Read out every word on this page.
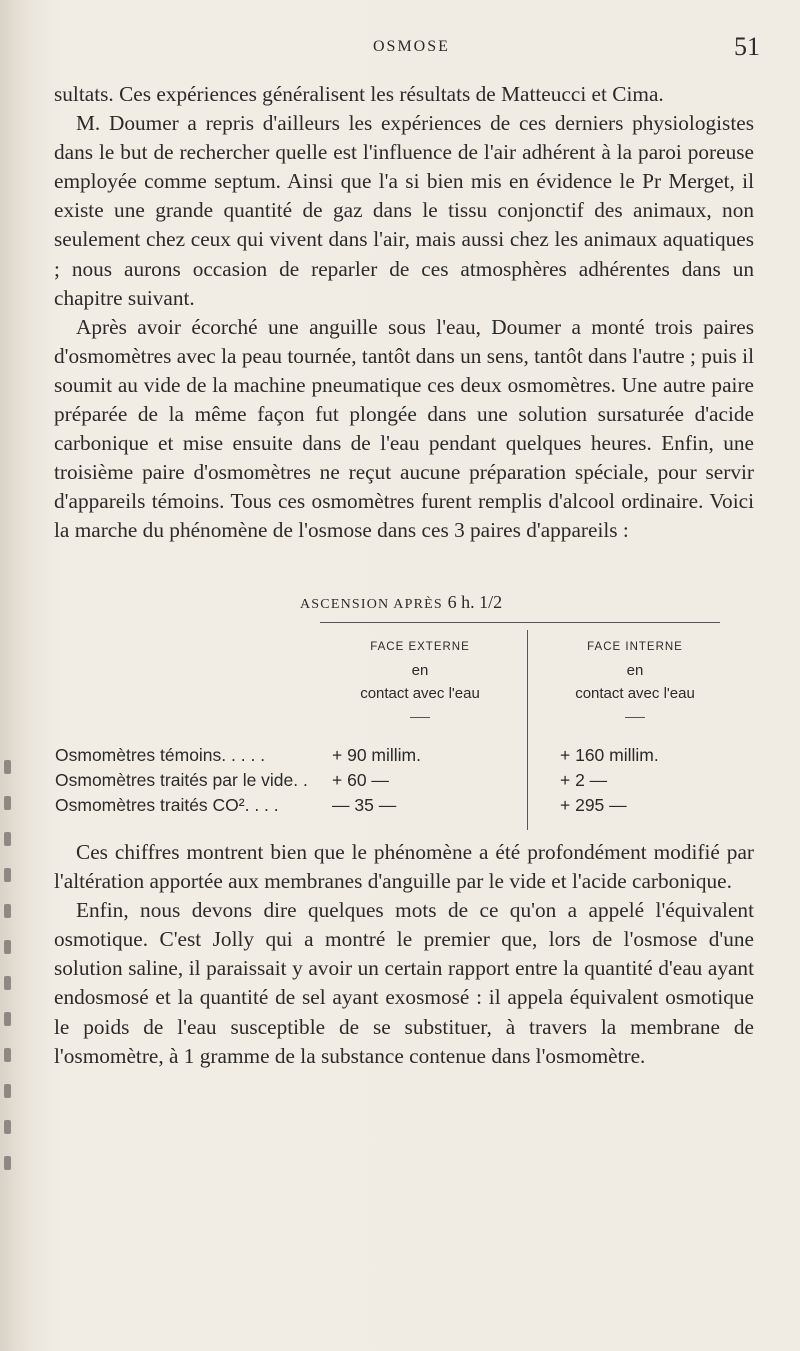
OSMOSE	51

sultats. Ces expériences généralisent les résultats de Matteucci et Cima.

M. Doumer a repris d'ailleurs les expériences de ces derniers physiologistes dans le but de rechercher quelle est l'influence de l'air adhérent à la paroi poreuse employée comme septum. Ainsi que l'a si bien mis en évidence le Pr Merget, il existe une grande quantité de gaz dans le tissu conjonctif des animaux, non seulement chez ceux qui vivent dans l'air, mais aussi chez les animaux aquatiques ; nous aurons occasion de reparler de ces atmosphères adhérentes dans un chapitre suivant.

Après avoir écorché une anguille sous l'eau, Doumer a monté trois paires d'osmomètres avec la peau tournée, tantôt dans un sens, tantôt dans l'autre ; puis il soumit au vide de la machine pneumatique ces deux osmomètres. Une autre paire préparée de la même façon fut plongée dans une solution sursaturée d'acide carbonique et mise ensuite dans de l'eau pendant quelques heures. Enfin, une troisième paire d'osmomètres ne reçut aucune préparation spéciale, pour servir d'appareils témoins. Tous ces osmomètres furent remplis d'alcool ordinaire. Voici la marche du phénomène de l'osmose dans ces 3 paires d'appareils :

ASCENSION APRÈS 6 h. 1/2
FACE EXTERNE
en
contact avec l'eau
FACE INTERNE
en
contact avec l'eau
Osmomètres témoins. . . . .	+ 90 millim.	+ 160 millim.
Osmomètres traités par le vide. . + 60 —	+ 2 —
Osmomètres traités CO². . . .	— 35 —	+ 295 —

Ces chiffres montrent bien que le phénomène a été profondément modifié par l'altération apportée aux membranes d'anguille par le vide et l'acide carbonique.

Enfin, nous devons dire quelques mots de ce qu'on a appelé l'équivalent osmotique. C'est Jolly qui a montré le premier que, lors de l'osmose d'une solution saline, il paraissait y avoir un certain rapport entre la quantité d'eau ayant endosmosé et la quantité de sel ayant exosmosé : il appela équivalent osmotique le poids de l'eau susceptible de se substituer, à travers la membrane de l'osmomètre, à 1 gramme de la substance contenue dans l'osmomètre.
